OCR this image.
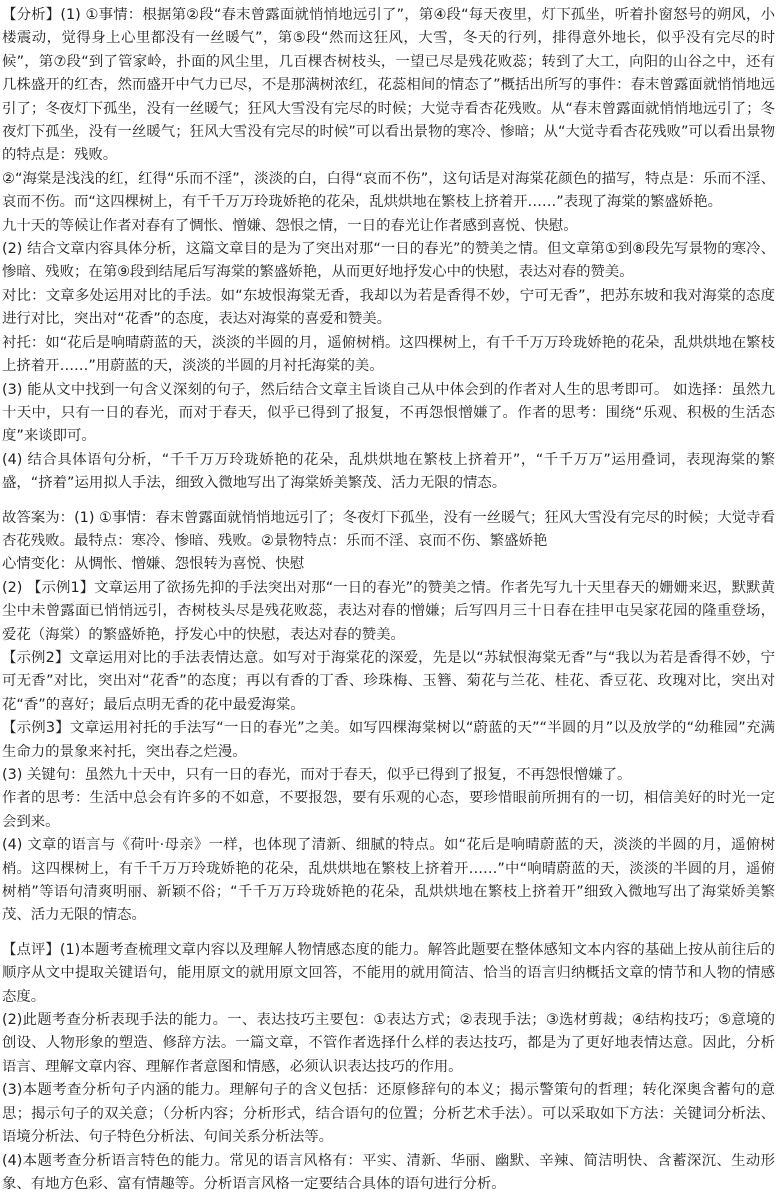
【分析】(1) ①事情：根据第②段“春末曾露面就悄悄地远引了”，第④段“每天夜里，灯下孤坐，听着扑窗怒号的朔风，小楼震动，觉得身上心里都没有一丝暖气”，第⑤段“然而这狂风，大雪，冬天的行列，排得意外地长，似乎没有完尽的时候”，第⑦段“到了管家岭，扑面的风尘里，几百棵杏树枝头，一望已尽是残花败蕊；转到了大工，向阳的山谷之中，还有几株盛开的红杏，然而盛开中气力已尽，不是那满树浓红，花蕊相间的情态了”概括出所写的事件：春末曾露面就悄悄地远引了；冬夜灯下孤坐，没有一丝暖气；狂风大雪没有完尽的时候；大觉寺看杏花残败。从“春末曾露面就悄悄地远引了；冬夜灯下孤坐，没有一丝暖气；狂风大雪没有完尽的时候”可以看出景物的寒冷、惨暗；从“大觉寺看杏花残败”可以看出景物的特点是：残败。

②“海棠是浅浅的红，红得“乐而不淫”，淡淡的白，白得“哀而不伤”，这句话是对海棠花颜色的描写，特点是：乐而不淫、哀而不伤。而“这四棵树上，有千千万万玲珑娇艳的花朵，乱烘烘地在繁枝上挤着开……”表现了海棠的繁盛娇艳。

九十天的等候让作者对春有了惆怅、憎嫌、怨恨之情，一日的春光让作者感到喜悦、快慰。

(2) 结合文章内容具体分析，这篇文章目的是为了突出对那“一日的春光”的赞美之情。但文章第①到⑧段先写景物的寒冷、惨暗、残败；在第⑨段到结尾后写海棠的繁盛娇艳，从而更好地抒发心中的快慰，表达对春的赞美。

对比：文章多处运用对比的手法。如“东坡恨海棠无香，我却以为若是香得不妙，宁可无香”，把苏东坡和我对海棠的态度进行对比，突出对“花香”的态度，表达对海棠的喜爱和赞美。

衬托：如“花后是响晴蔚蓝的天，淡淡的半圆的月，遥俯树梢。这四棵树上，有千千万万玲珑娇艳的花朵，乱烘烘地在繁枝上挤着开……”用蔚蓝的天，淡淡的半圆的月衬托海棠的美。

(3) 能从文中找到一句含义深刻的句子，然后结合文章主旨谈自己从中体会到的作者对人生的思考即可。 如选择：虽然九十天中，只有一日的春光，而对于春天，似乎已得到了报复，不再怨恨憎嫌了。作者的思考：围绕“乐观、积极的生活态度”来谈即可。

(4) 结合具体语句分析，“千千万万玲珑娇艳的花朵，乱烘烘地在繁枝上挤着开”，“千千万万”运用叠词，表现海棠的繁盛，“挤着”运用拟人手法，细致入微地写出了海棠娇美繁茂、活力无限的情态。

故答案为：(1) ①事情：春末曾露面就悄悄地远引了；冬夜灯下孤坐，没有一丝暖气；狂风大雪没有完尽的时候；大觉寺看杏花残败。最特点：寒冷、惨暗、残败。②景物特点：乐而不淫、哀而不伤、繁盛娇艳

心情变化：从惆怅、憎嫌、怨恨转为喜悦、快慰

(2) 【示例1】文章运用了欲扬先抑的手法突出对那“一日的春光”的赞美之情。作者先写九十天里春天的姗姗来迟，默默黄尘中未曾露面已悄悄远引，杏树枝头尽是残花败蕊，表达对春的憎嫌；后写四月三十日春在挂甲屯吴家花园的隆重登场，爱花（海棠）的繁盛娇艳，抒发心中的快慰，表达对春的赞美。

【示例2】文章运用对比的手法表情达意。如写对于海棠花的深爱，先是以“苏轼恨海棠无香”与“我以为若是香得不妙，宁可无香”对比，突出对“花香”的态度；再以有香的丁香、珍珠梅、玉簪、菊花与兰花、桂花、香豆花、玫瑰对比，突出对花“香”的喜好；最后点明无香的花中最爱海棠。

【示例3】文章运用衬托的手法写“一日的春光”之美。如写四棵海棠树以“蔚蓝的天”“半圆的月”以及放学的“幼稚园”充满生命力的景象来衬托，突出春之烂漫。

(3) 关键句：虽然九十天中，只有一日的春光，而对于春天，似乎已得到了报复，不再怨恨憎嫌了。

作者的思考：生活中总会有许多的不如意，不要报怨，要有乐观的心态，要珍惜眼前所拥有的一切，相信美好的时光一定会到来。

(4) 文章的语言与《荷叶·母亲》一样，也体现了清新、细腻的特点。如“花后是响晴蔚蓝的天，淡淡的半圆的月，遥俯树梢。这四棵树上，有千千万万玲珑娇艳的花朵，乱烘烘地在繁枝上挤着开……”中“响晴蔚蓝的天，淡淡的半圆的月，遥俯树梢”等语句清爽明丽、新颖不俗；“千千万万玲珑娇艳的花朵，乱烘烘地在繁枝上挤着开”细致入微地写出了海棠娇美繁茂、活力无限的情态。

【点评】(1)本题考查梳理文章内容以及理解人物情感态度的能力。解答此题要在整体感知文本内容的基础上按从前往后的顺序从文中提取关键语句，能用原文的就用原文回答，不能用的就用简洁、恰当的语言归纳概括文章的情节和人物的情感态度。

(2)此题考查分析表现手法的能力。一、表达技巧主要包：①表达方式；②表现手法；③选材剪裁；④结构技巧；⑤意境的创设、人物形象的塑造、修辞方法。一篇文章，不管作者选择什么样的表达技巧，都是为了更好地表情达意。因此，分析语言、理解文章内容、理解作者意图和情感，必须认识表达技巧的作用。

(3)本题考查分析句子内涵的能力。理解句子的含义包括：还原修辞句的本义；揭示警策句的哲理；转化深奥含蓄句的意思；揭示句子的双关意；（分析内容；分析形式，结合语句的位置；分析艺术手法）。可以采取如下方法：关键词分析法、语境分析法、句子特色分析法、句间关系分析法等。

(4)本题考查分析语言特色的能力。常见的语言风格有：平实、清新、华丽、幽默、辛辣、简洁明快、含蓄深沉、生动形象、有地方色彩、富有情趣等。分析语言风格一定要结合具体的语句进行分析。
